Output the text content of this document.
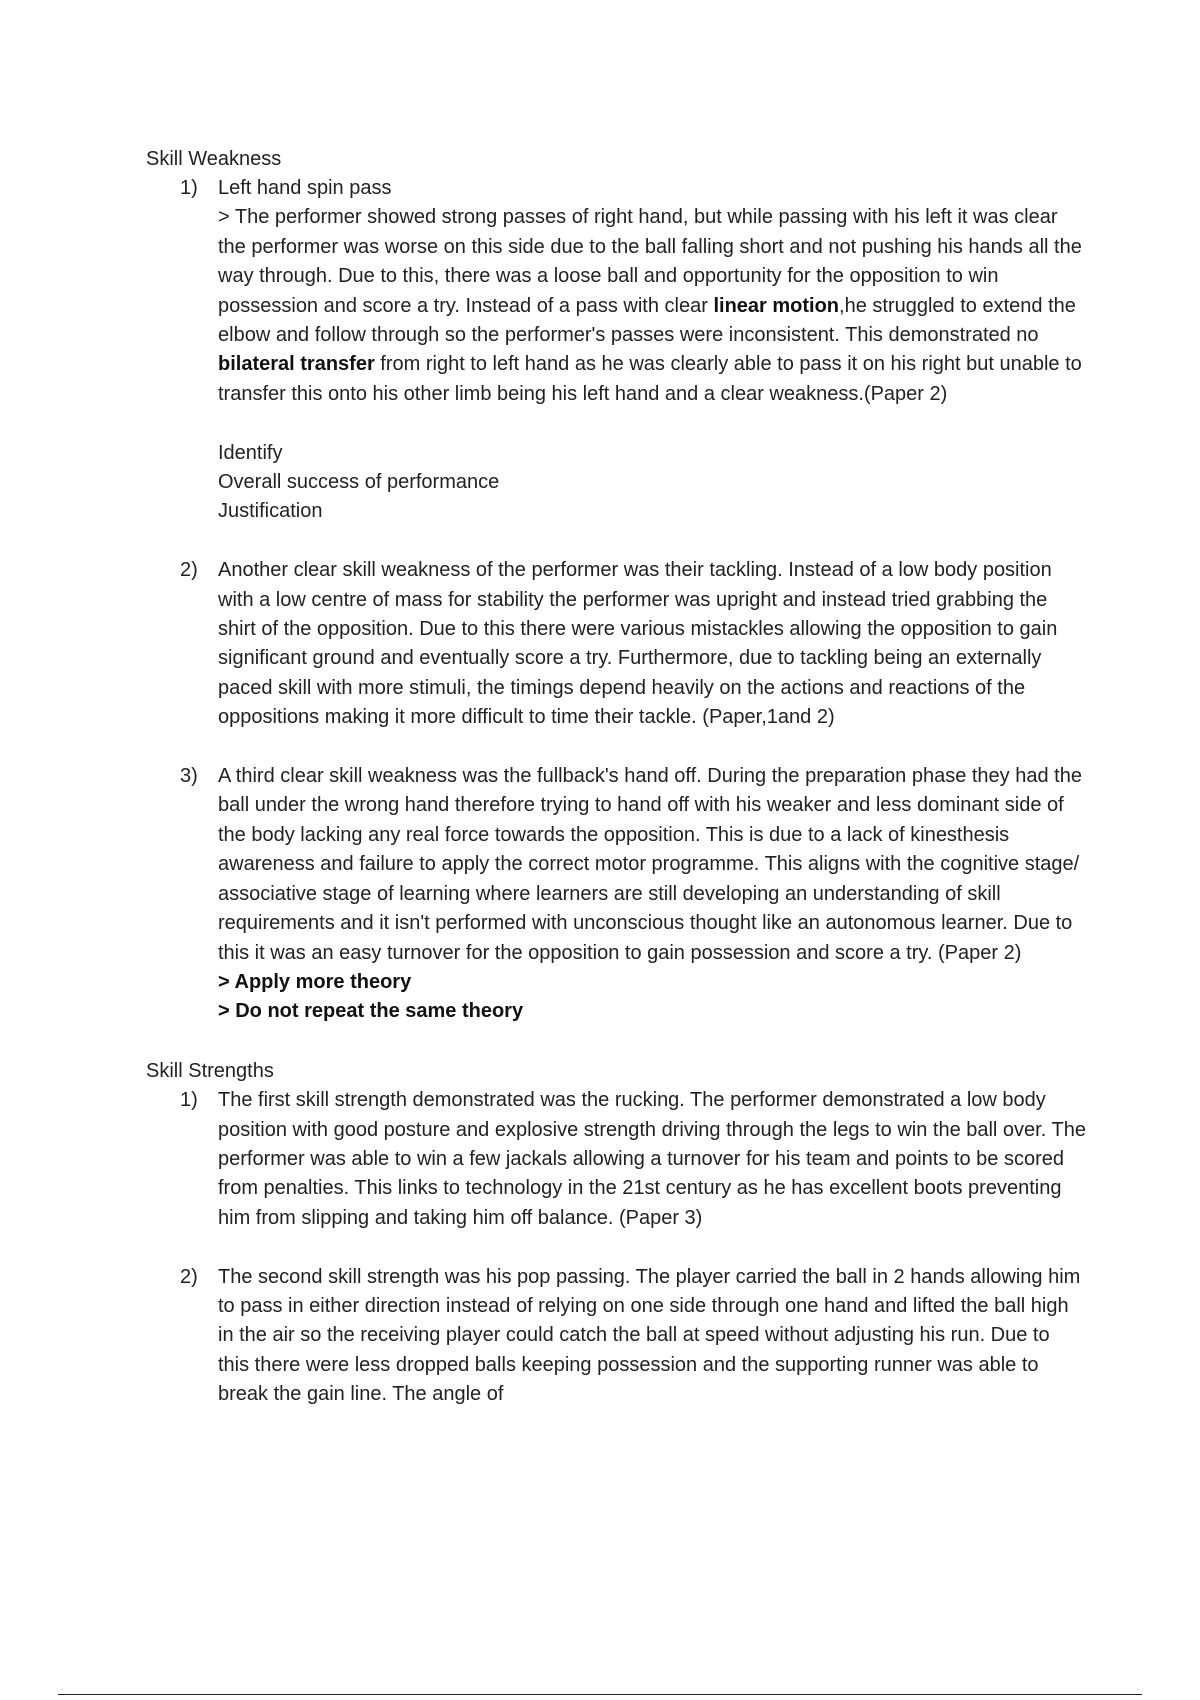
Skill Weakness

1) Left hand spin pass

> The performer showed strong passes of right hand, but while passing with his left it was clear the performer was worse on this side due to the ball falling short and not pushing his hands all the way through. Due to this, there was a loose ball and opportunity for the opposition to win possession and score a try. Instead of a pass with clear linear motion,he struggled to extend the elbow and follow through so the performer's passes were inconsistent. This demonstrated no bilateral transfer from right to left hand as he was clearly able to pass it on his right but unable to transfer this onto his other limb being his left hand and a clear weakness.(Paper 2)

Identify

Overall success of performance

Justification

2) Another clear skill weakness of the performer was their tackling. Instead of a low body position with a low centre of mass for stability the performer was upright and instead tried grabbing the shirt of the opposition. Due to this there were various mistackles allowing the opposition to gain significant ground and eventually score a try. Furthermore, due to tackling being an externally paced skill with more stimuli, the timings depend heavily on the actions and reactions of the oppositions making it more difficult to time their tackle. (Paper,1and 2)

3) A third clear skill weakness was the fullback's hand off. During the preparation phase they had the ball under the wrong hand therefore trying to hand off with his weaker and less dominant side of the body lacking any real force towards the opposition. This is due to a lack of kinesthesis awareness and failure to apply the correct motor programme. This aligns with the cognitive stage/ associative stage of learning where learners are still developing an understanding of skill requirements and it isn't performed with unconscious thought like an autonomous learner. Due to this it was an easy turnover for the opposition to gain possession and score a try. (Paper 2)

> Apply more theory

> Do not repeat the same theory

Skill Strengths

1) The first skill strength demonstrated was the rucking. The performer demonstrated a low body position with good posture and explosive strength driving through the legs to win the ball over. The performer was able to win a few jackals allowing a turnover for his team and points to be scored from penalties. This links to technology in the 21st century as he has excellent boots preventing him from slipping and taking him off balance. (Paper 3)

2) The second skill strength was his pop passing. The player carried the ball in 2 hands allowing him to pass in either direction instead of relying on one side through one hand and lifted the ball high in the air so the receiving player could catch the ball at speed without adjusting his run. Due to this there were less dropped balls keeping possession and the supporting runner was able to break the gain line. The angle of
